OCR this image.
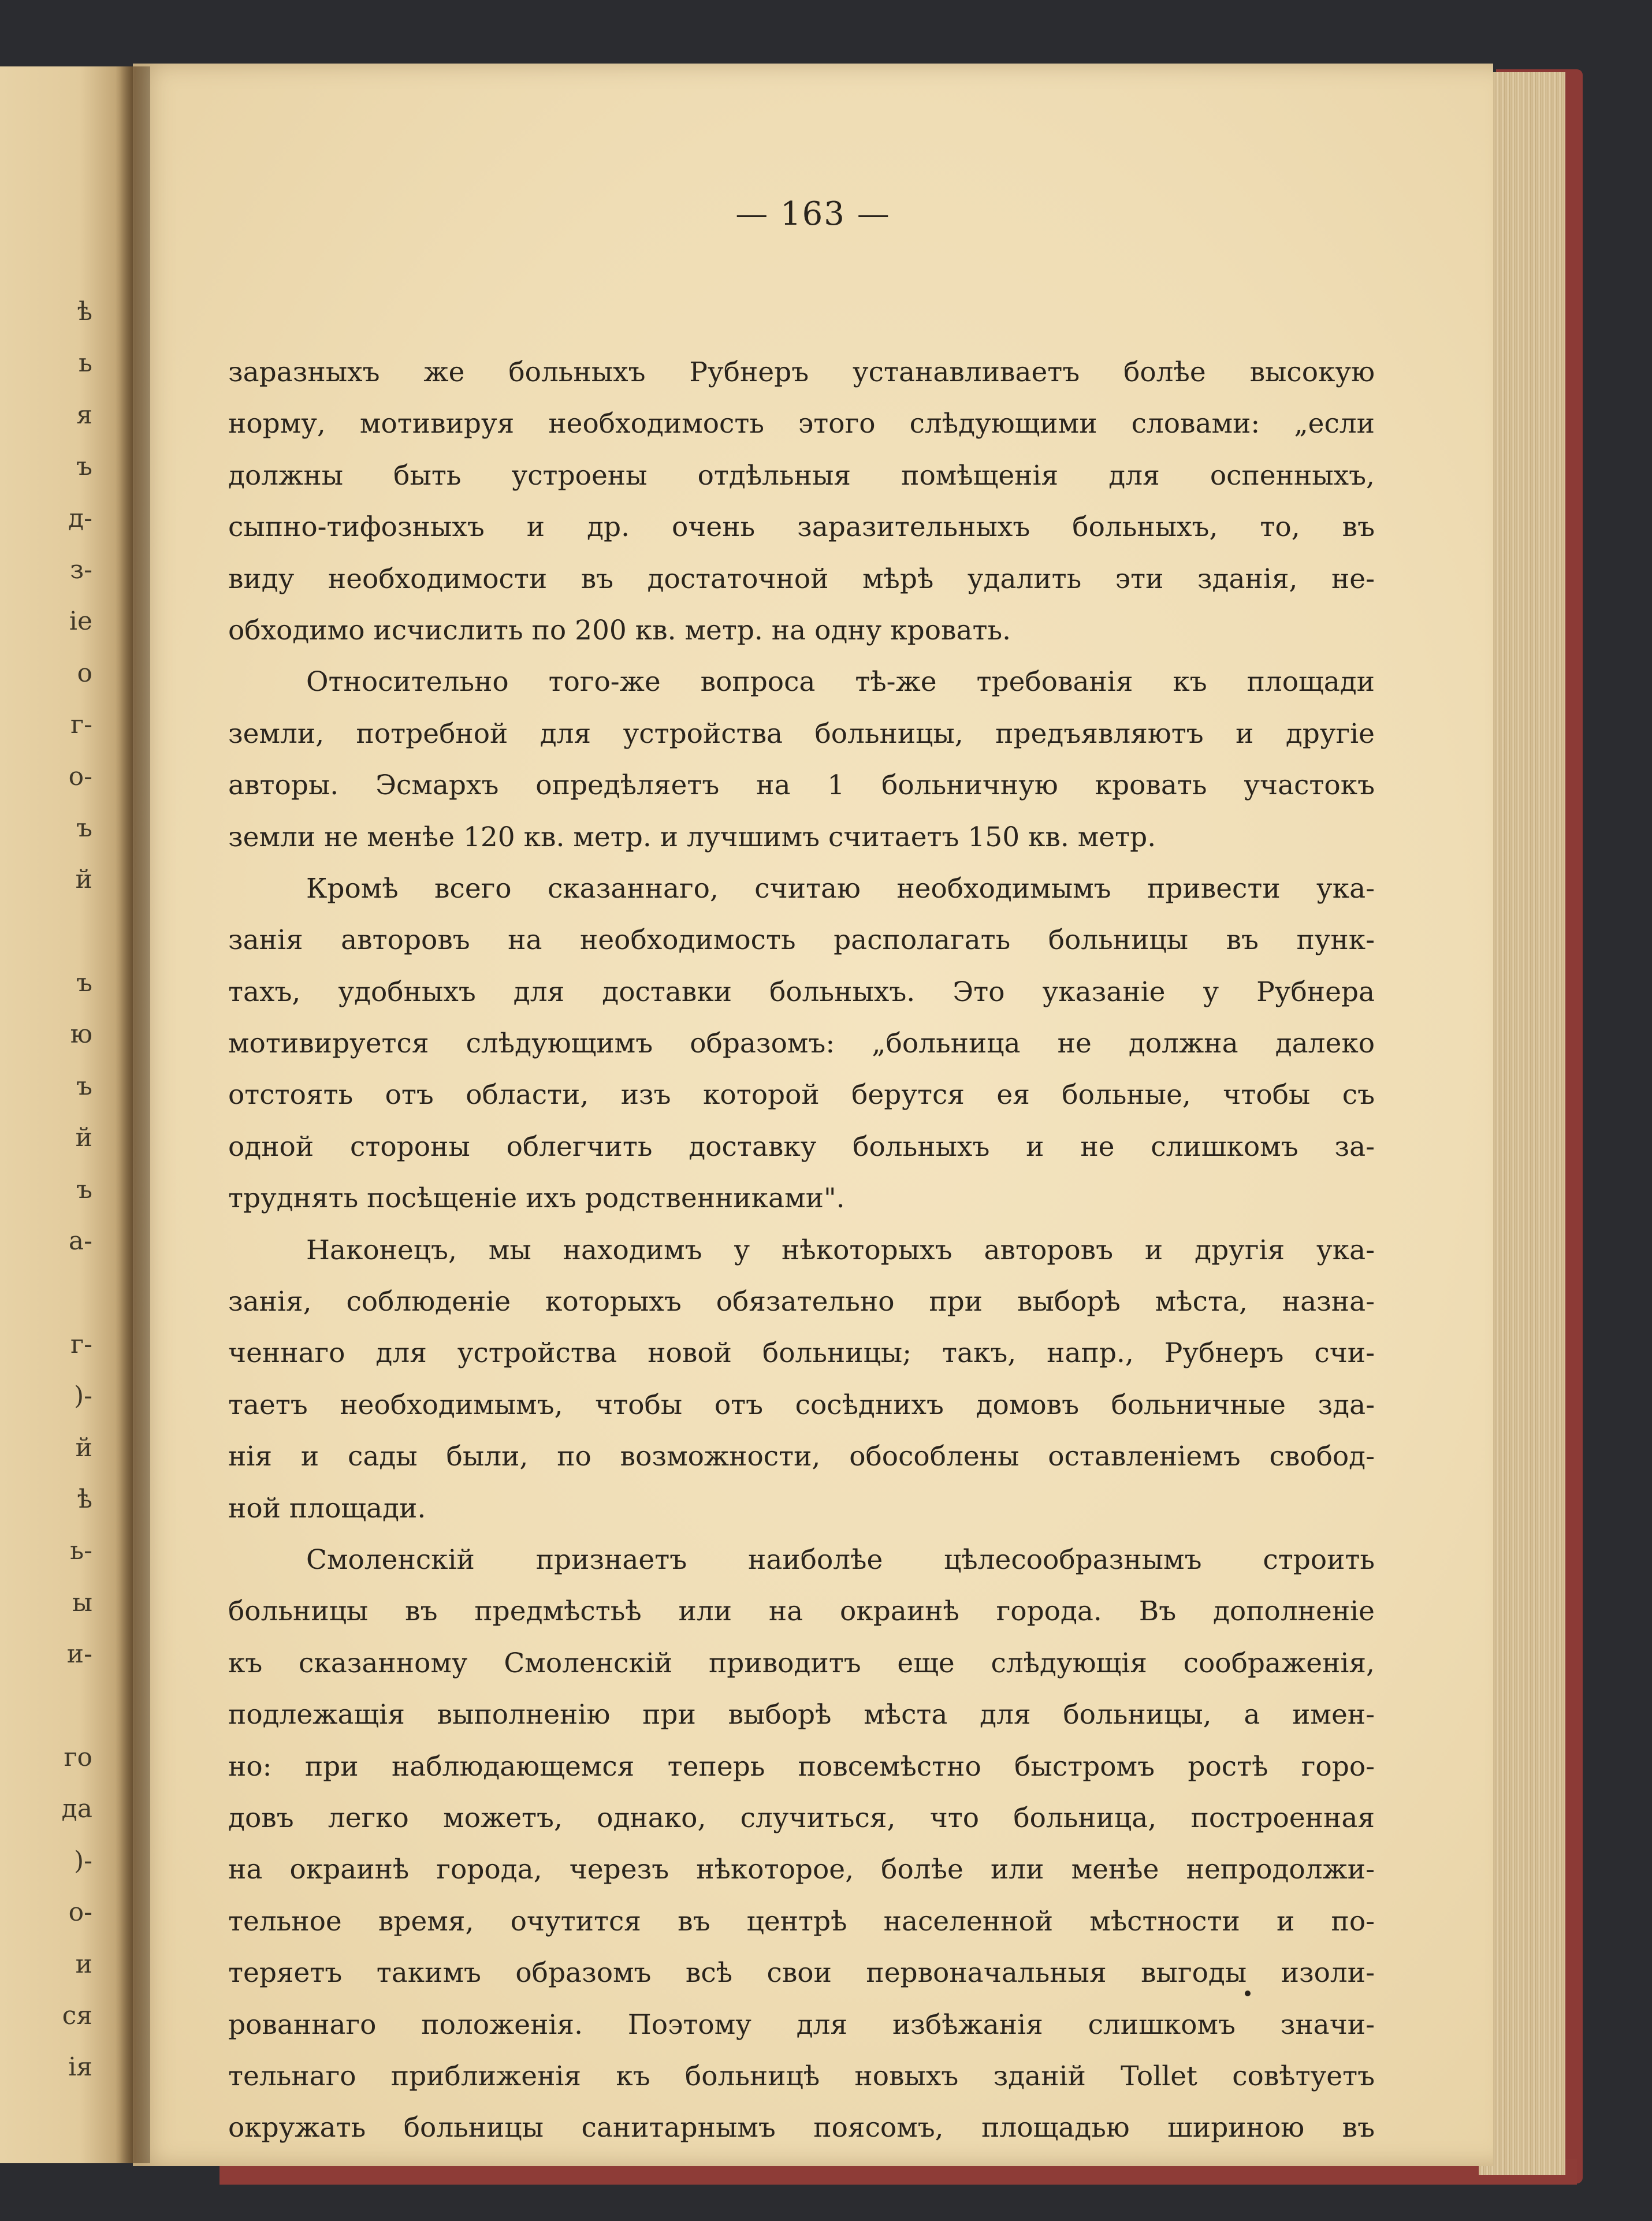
ѣ
ь
я
ъ
д-
з-
ie
о
г-
о-
ъ
й
ъ
ю
ъ
й
ъ
а-
г-
)-
й
ѣ
ь-
ы
и-
го
да
)-
о-
и
ся
ія
— 163 —
заразныхъ же больныхъ Рубнеръ устанавливаетъ болѣе высокую
норму, мотивируя необходимость этого слѣдующими словами: „если
должны быть устроены отдѣльныя помѣщенія для оспенныхъ,
сыпно-тифозныхъ и др. очень заразительныхъ больныхъ, то, въ
виду необходимости въ достаточной мѣрѣ удалить эти зданія, не-
обходимо исчислить по 200 кв. метр. на одну кровать.
Относительно того-же вопроса тѣ-же требованія къ площади
земли, потребной для устройства больницы, предъявляютъ и другіе
авторы. Эсмархъ опредѣляетъ на 1 больничную кровать участокъ
земли не менѣе 120 кв. метр. и лучшимъ считаетъ 150 кв. метр.
Кромѣ всего сказаннаго, считаю необходимымъ привести ука-
занія авторовъ на необходимость располагать больницы въ пунк-
тахъ, удобныхъ для доставки больныхъ. Это указаніе у Рубнера
мотивируется слѣдующимъ образомъ: „больница не должна далеко
отстоять отъ области, изъ которой берутся ея больные, чтобы съ
одной стороны облегчить доставку больныхъ и не слишкомъ за-
труднять посѣщеніе ихъ родственниками".
Наконецъ, мы находимъ у нѣкоторыхъ авторовъ и другія ука-
занія, соблюденіе которыхъ обязательно при выборѣ мѣста, назна-
ченнаго для устройства новой больницы; такъ, напр., Рубнеръ счи-
таетъ необходимымъ, чтобы отъ сосѣднихъ домовъ больничные зда-
нія и сады были, по возможности, обособлены оставленіемъ свобод-
ной площади.
Смоленскій признаетъ наиболѣе цѣлесообразнымъ строить
больницы въ предмѣстьѣ или на окраинѣ города. Въ дополненіе
къ сказанному Смоленскій приводитъ еще слѣдующія соображенія,
подлежащія выполненію при выборѣ мѣста для больницы, а имен-
но: при наблюдающемся теперь повсемѣстно быстромъ ростѣ горо-
довъ легко можетъ, однако, случиться, что больница, построенная
на окраинѣ города, черезъ нѣкоторое, болѣе или менѣе непродолжи-
тельное время, очутится въ центрѣ населенной мѣстности и по-
теряетъ такимъ образомъ всѣ свои первоначальныя выгоды изоли-
рованнаго положенія. Поэтому для избѣжанія слишкомъ значи-
тельнаго приближенія къ больницѣ новыхъ зданій Tollet совѣтуетъ
окружать больницы санитарнымъ поясомъ, площадью шириною въ
